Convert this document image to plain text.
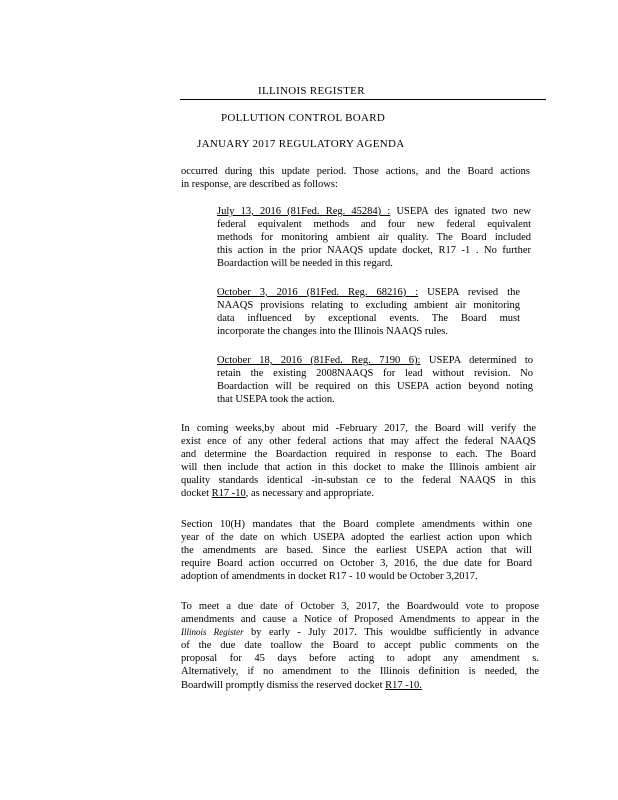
ILLINOIS REGISTER
POLLUTION CONTROL BOARD
JANUARY 2017 REGULATORY AGENDA
occurred during this update period. Those actions, and the Board actions
in response, are described as follows:
July 13, 2016 (81Fed. Reg. 45284) : USEPA des ignated two new
federal equivalent methods and four new federal equivalent
methods for monitoring ambient air quality. The Board included
this action in the prior NAAQS update docket, R17 -1 . No further
Boardaction will be needed in this regard.
October 3, 2016 (81Fed. Reg. 68216) : USEPA revised the
NAAQS provisions relating to excluding ambient air monitoring
data influenced by exceptional events. The Board must
incorporate the changes into the Illinois NAAQS rules.
October 18, 2016 (81Fed. Reg. 7190 6): USEPA determined to
retain the existing 2008NAAQS for lead without revision. No
Boardaction will be required on this USEPA action beyond noting
that USEPA took the action.
In coming weeks,by about mid -February 2017, the Board will verify the
exist ence of any other federal actions that may affect the federal NAAQS
and determine the Boardaction required in response to each. The Board
will then include that action in this docket to make the Illinois ambient air
quality standards identical -in-substan ce to the federal NAAQS in this
docket R17 -10, as necessary and appropriate.
Section 10(H) mandates that the Board complete amendments within one
year of the date on which USEPA adopted the earliest action upon which
the amendments are based. Since the earliest USEPA action that will
require Board action occurred on October 3, 2016, the due date for Board
adoption of amendments in docket R17 - 10 would be October 3,2017.
To meet a due date of October 3, 2017, the Boardwould vote to propose
amendments and cause a Notice of Proposed Amendments to appear in the
Illinois Register by early - July 2017. This wouldbe sufficiently in advance
of the due date toallow the Board to accept public comments on the
proposal for 45 days before acting to adopt any amendment s.
Alternatively, if no amendment to the Illinois definition is needed, the
Boardwill promptly dismiss the reserved docket R17 -10.
